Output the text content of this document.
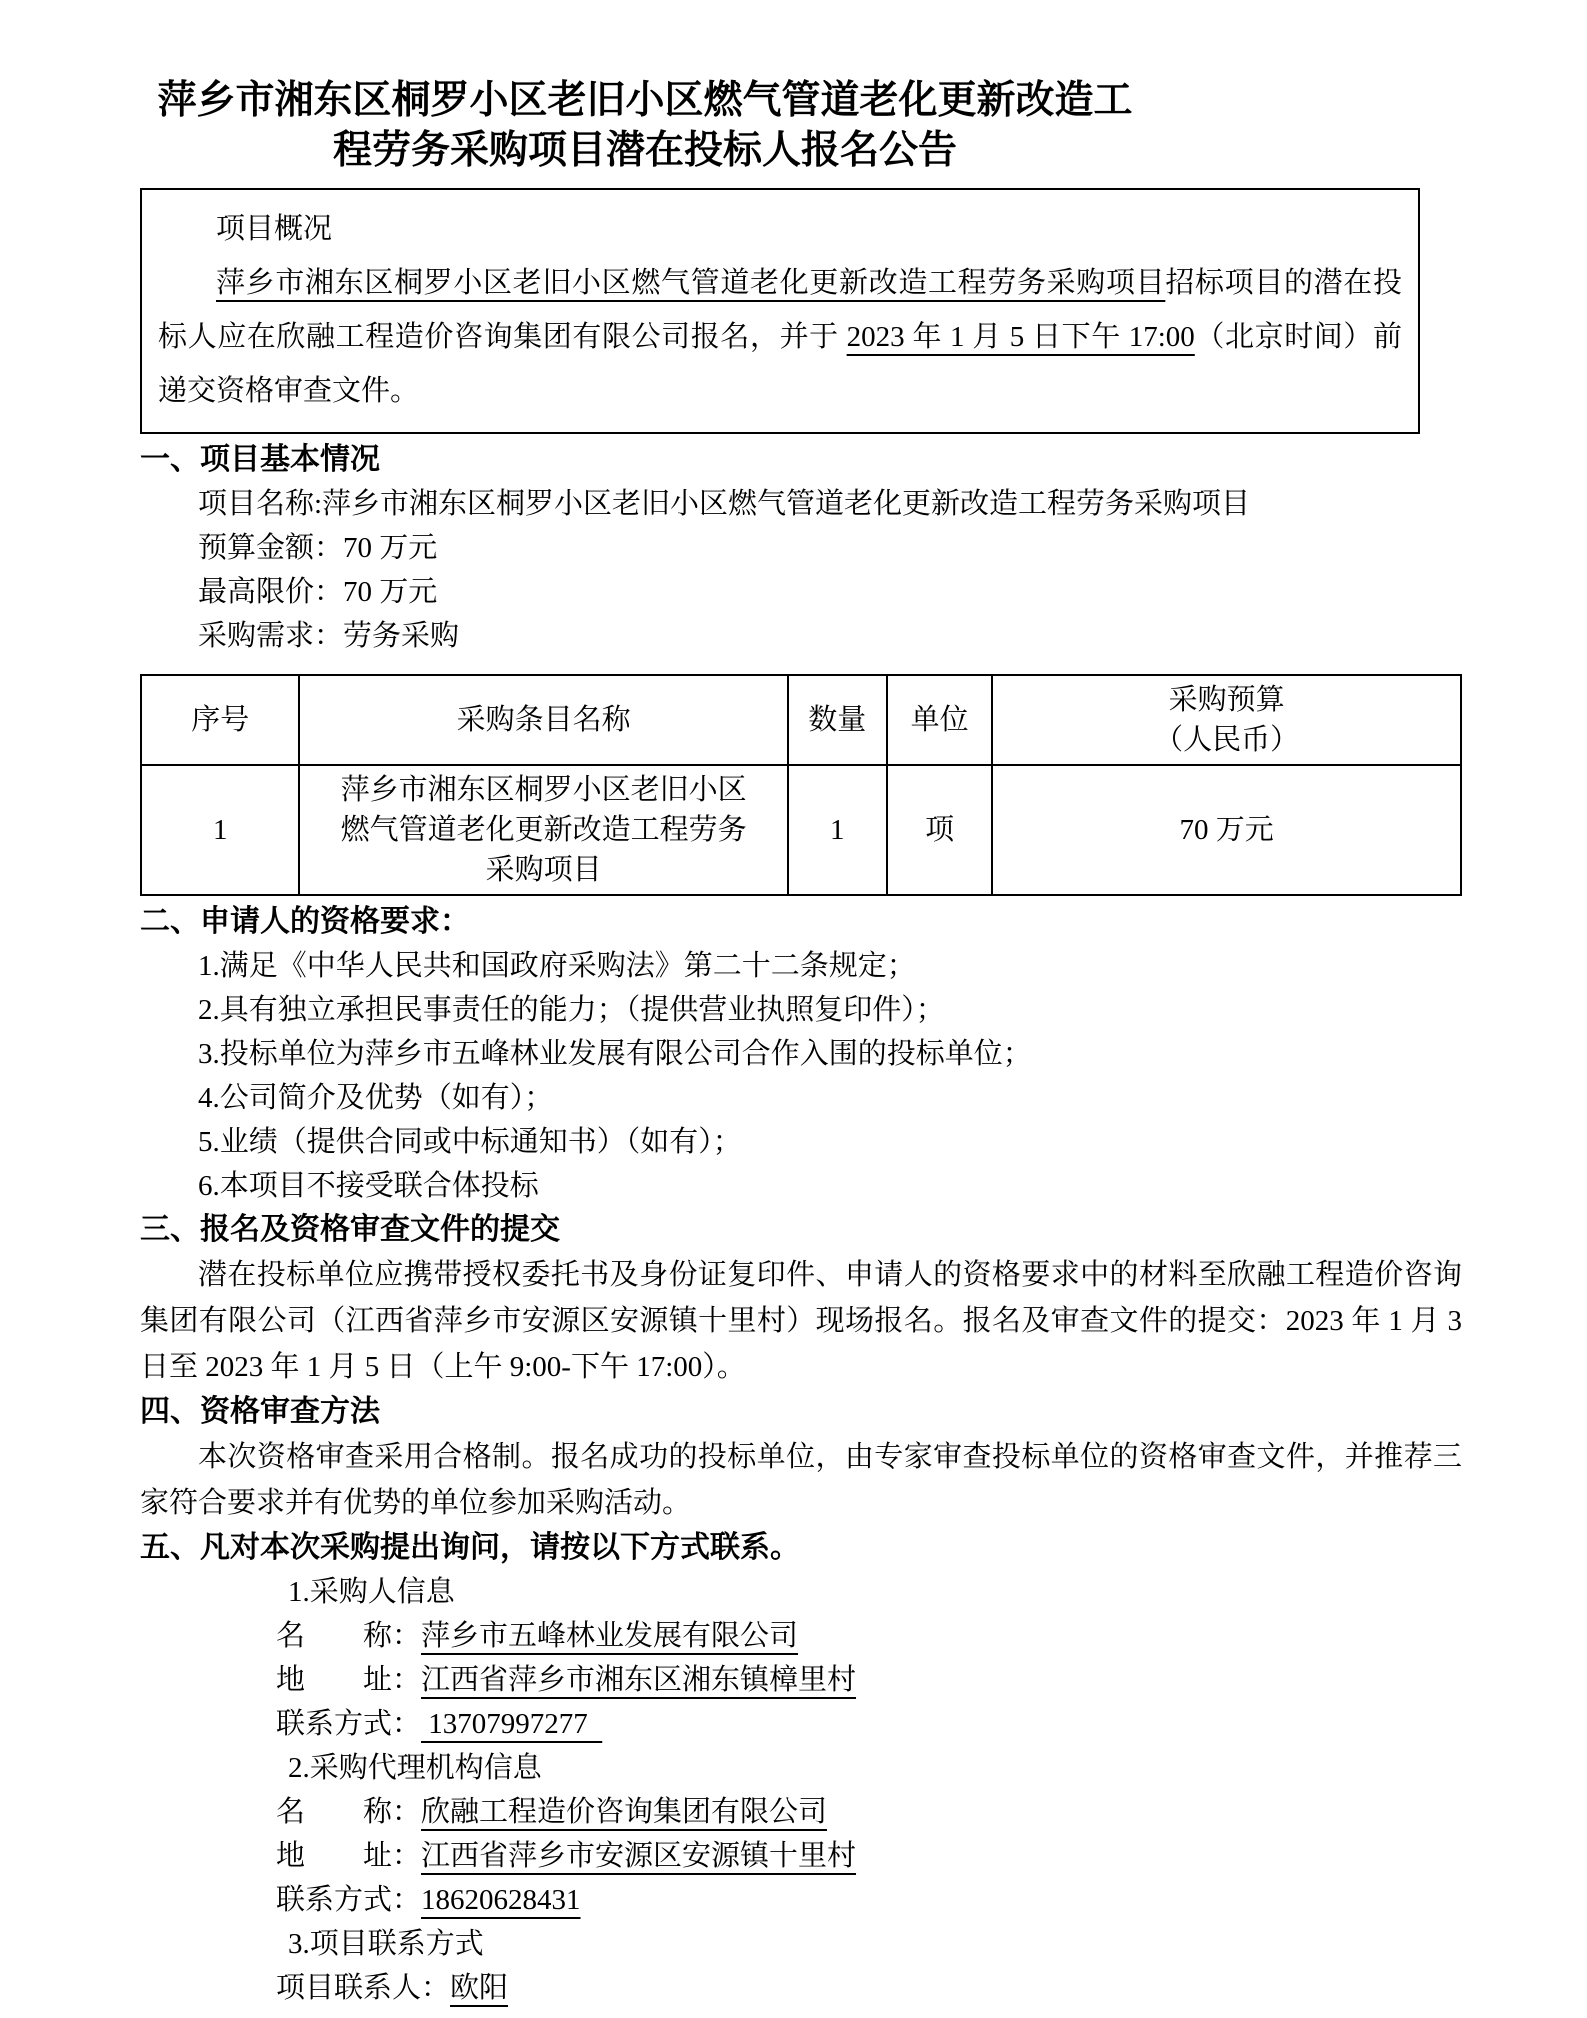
萍乡市湘东区桐罗小区老旧小区燃气管道老化更新改造工程劳务采购项目潜在投标人报名公告
项目概况
萍乡市湘东区桐罗小区老旧小区燃气管道老化更新改造工程劳务采购项目招标项目的潜在投标人应在欣融工程造价咨询集团有限公司报名，并于 2023 年 1 月 5 日下午 17:00（北京时间）前递交资格审查文件。
一、项目基本情况
项目名称:萍乡市湘东区桐罗小区老旧小区燃气管道老化更新改造工程劳务采购项目
预算金额：70 万元
最高限价：70 万元
采购需求：劳务采购
序号	采购条目名称	数量	单位	采购预算
（人民币）

1	萍乡市湘东区桐罗小区老旧小区燃气管道老化更新改造工程劳务采购项目	1	项	70 万元
二、申请人的资格要求：
1.满足《中华人民共和国政府采购法》第二十二条规定；
2.具有独立承担民事责任的能力；（提供营业执照复印件）；
3.投标单位为萍乡市五峰林业发展有限公司合作入围的投标单位；
4.公司简介及优势（如有）；
5.业绩（提供合同或中标通知书）（如有）；
6.本项目不接受联合体投标
三、报名及资格审查文件的提交
潜在投标单位应携带授权委托书及身份证复印件、申请人的资格要求中的材料至欣融工程造价咨询集团有限公司（江西省萍乡市安源区安源镇十里村）现场报名。报名及审查文件的提交：2023 年 1 月 3 日至 2023 年 1 月 5 日（上午 9:00-下午 17:00）。
四、资格审查方法
本次资格审查采用合格制。报名成功的投标单位，由专家审查投标单位的资格审查文件，并推荐三家符合要求并有优势的单位参加采购活动。
五、凡对本次采购提出询问，请按以下方式联系。
1.采购人信息
名　　称：萍乡市五峰林业发展有限公司
地　　址：江西省萍乡市湘东区湘东镇樟里村
联系方式： 13707997277
2.采购代理机构信息
名　　称：欣融工程造价咨询集团有限公司
地　　址：江西省萍乡市安源区安源镇十里村
联系方式：18620628431
3.项目联系方式
项目联系人：欧阳
